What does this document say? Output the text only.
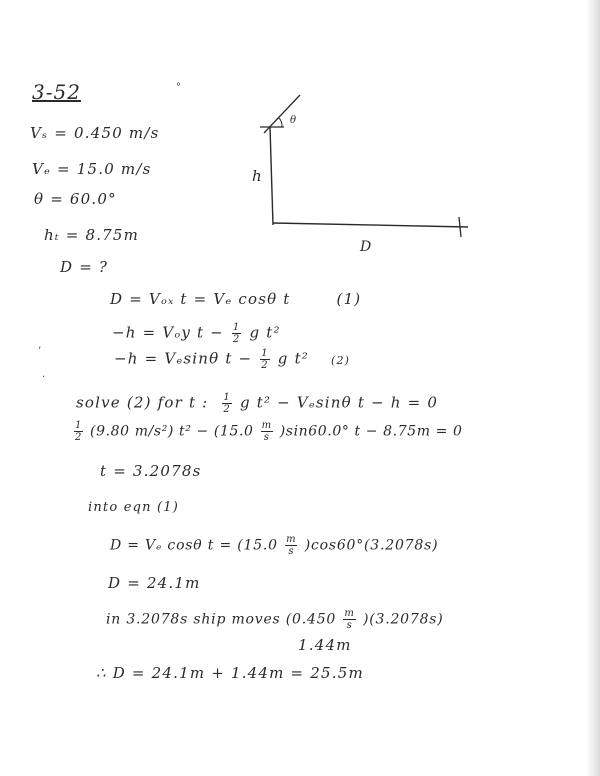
3-52
Vₛ = 0.450 m/s
Vₑ = 15.0 m/s
θ = 60.0°
hₜ = 8.75m
D = ?
h
θ
D
D = Vₒₓ t = Vₑ cosθ t	(1)
−h = Vₒy $t - \frac{1}{2}$ g t²
−h = Vₑsinθ $t - \frac{1}{2}$ g t² (2)
solve (2) for t : $\frac{1}{2}$ g t² − Vₑsinθ t − h = 0
$\frac{1}{2} (9.80$ m/s²) $t^2 - (15.0 \frac{m}{s} )\sin 60.0^\circ$ t − 8.75m = 0
t = 3.2078s
into eqn (1)
D = Vₑ cosθ $t = (15.0 \frac{m}{s} )\cos 60^\circ(3.2078s)$
D = 24.1m
in 3.2078s ship moves $(0.450 \frac{m}{s} )(3.2078s)$
1.44m
∴ D = 24.1m + 1.44m = 25.5m
°
’
·
